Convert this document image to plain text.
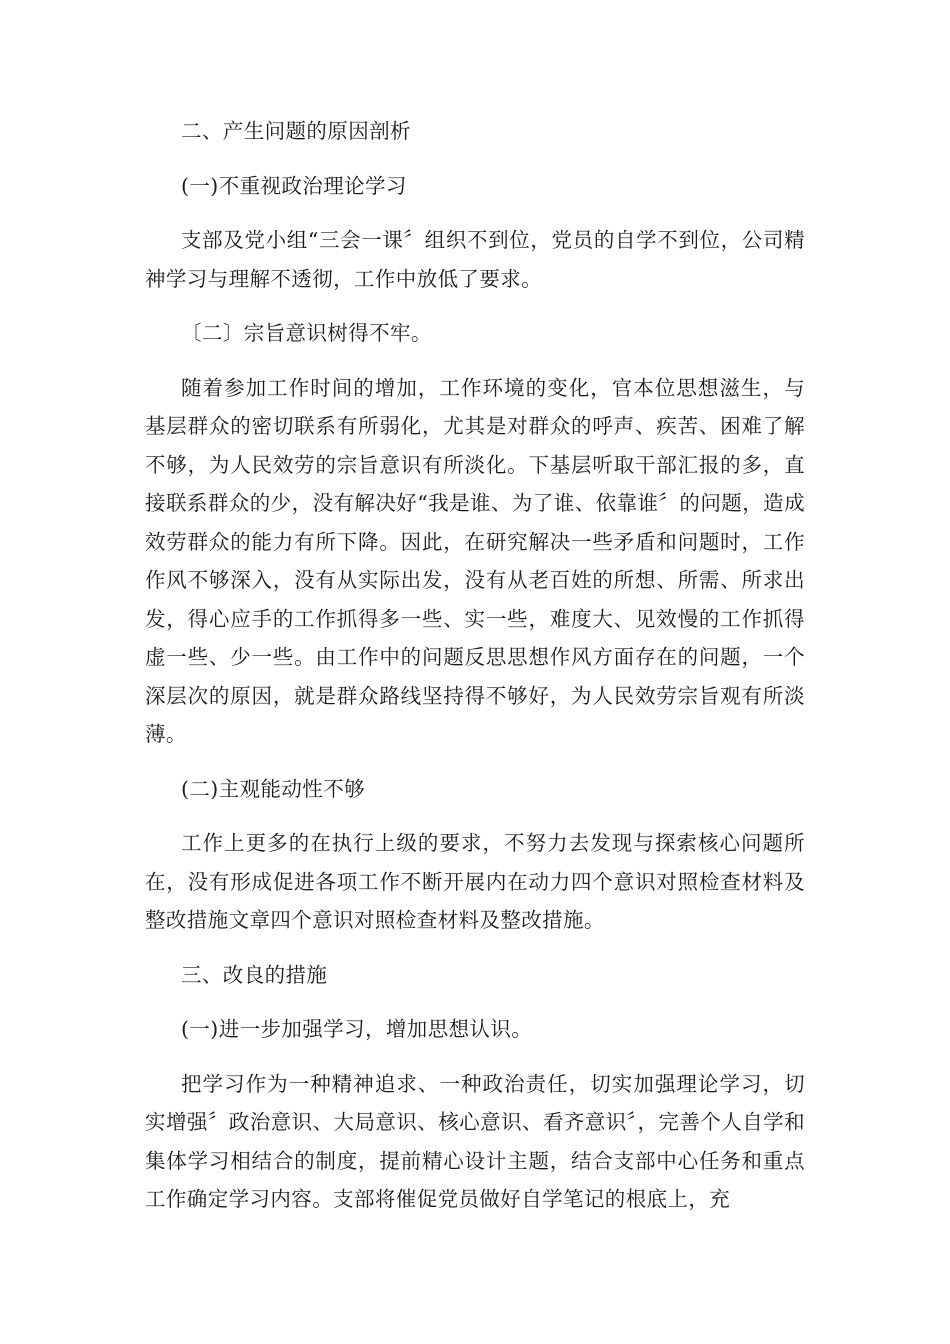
二、产生问题的原因剖析

(一)不重视政治理论学习

支部及党小组“三会一课〞组织不到位，党员的自学不到位，公司精神学习与理解不透彻，工作中放低了要求。

〔二〕宗旨意识树得不牢。

随着参加工作时间的增加，工作环境的变化，官本位思想滋生，与基层群众的密切联系有所弱化，尤其是对群众的呼声、疾苦、困难了解不够，为人民效劳的宗旨意识有所淡化。下基层听取干部汇报的多，直接联系群众的少，没有解决好“我是谁、为了谁、依靠谁〞的问题，造成效劳群众的能力有所下降。因此，在研究解决一些矛盾和问题时，工作作风不够深入，没有从实际出发，没有从老百姓的所想、所需、所求出发，得心应手的工作抓得多一些、实一些，难度大、见效慢的工作抓得虚一些、少一些。由工作中的问题反思思想作风方面存在的问题，一个深层次的原因，就是群众路线坚持得不够好，为人民效劳宗旨观有所淡薄。

(二)主观能动性不够

工作上更多的在执行上级的要求，不努力去发现与探索核心问题所在，没有形成促进各项工作不断开展内在动力四个意识对照检查材料及整改措施文章四个意识对照检查材料及整改措施。

三、改良的措施

(一)进一步加强学习，增加思想认识。

把学习作为一种精神追求、一种政治责任，切实加强理论学习，切实增强〞政治意识、大局意识、核心意识、看齐意识〞，完善个人自学和集体学习相结合的制度，提前精心设计主题，结合支部中心任务和重点工作确定学习内容。支部将催促党员做好自学笔记的根底上，充
